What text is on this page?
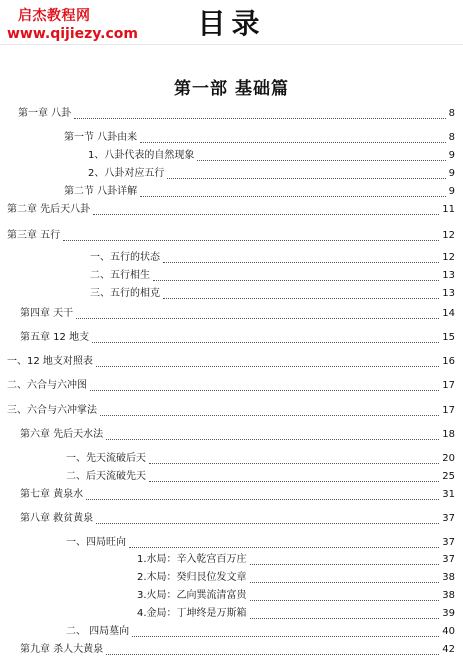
启杰教程网
www.qijiezy.com	目录
第一部 基础篇
第一章 八卦	8
第一节 八卦由来	8
1、八卦代表的自然现象	9
2、八卦对应五行	9
第二节 八卦详解	9
第二章 先后天八卦	11
第三章 五行	12
一、五行的状态	12
二、五行相生	13
三、五行的相克	13
第四章 天干	14
第五章 12 地支	15
一、12 地支对照表	16
二、六合与六冲图	17
三、六合与六冲掌法	17
第六章 先后天水法	18
一、先天流破后天	20
二、后天流破先天	25
第七章 黄泉水	31
第八章 救贫黄泉	37
一、四局旺向	37
1.水局：辛入乾宫百万庄	37
2.木局：癸归艮位发文章	38
3.火局：乙向巽流清富贵	38
4.金局：丁坤终是万斯箱	39
二、 四局墓向	40
第九章 杀人大黄泉	42
